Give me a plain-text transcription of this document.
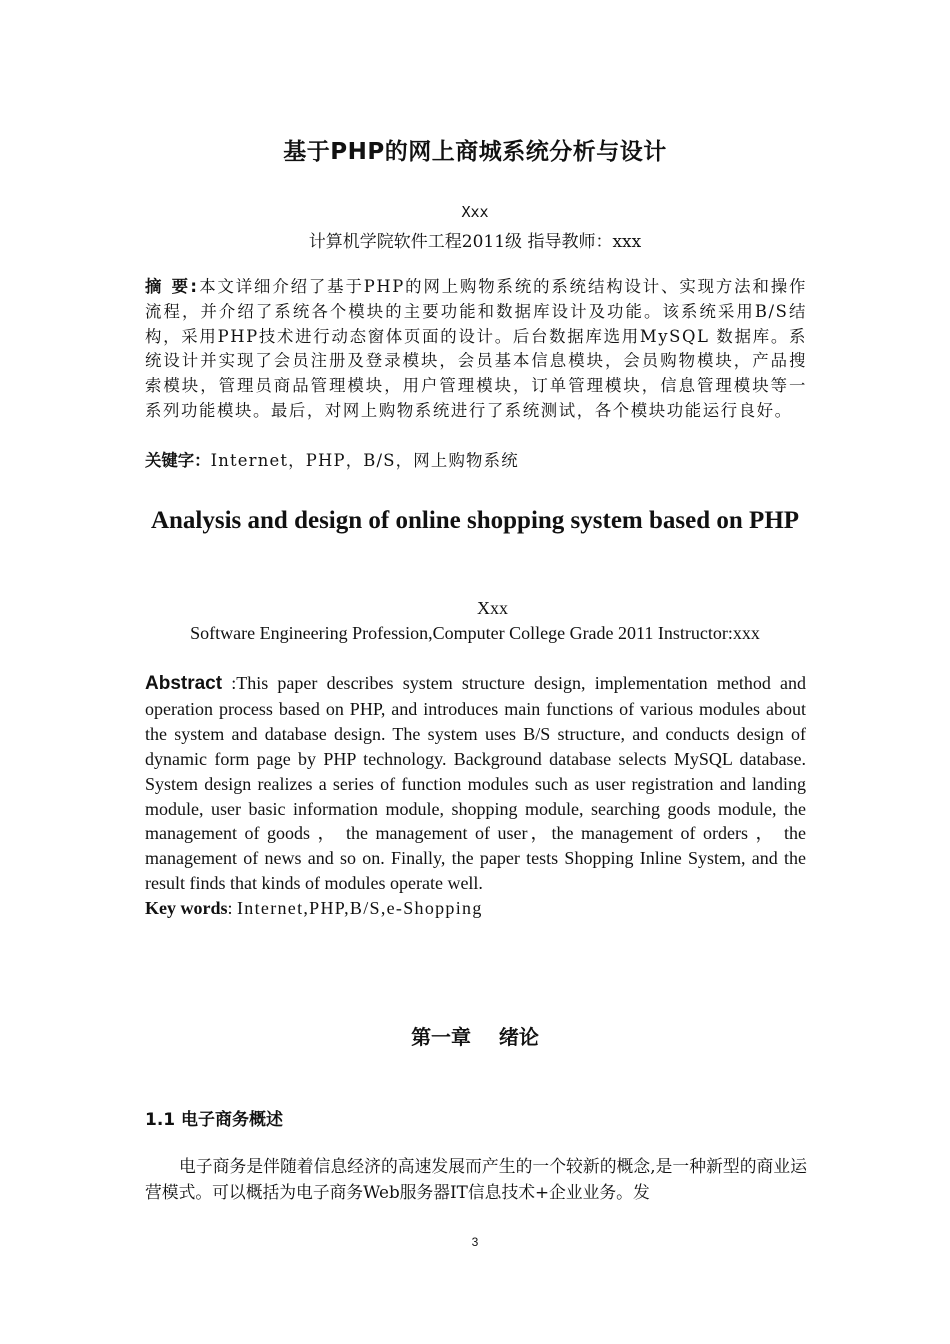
基于PHP的网上商城系统分析与设计
Xxx
计算机学院软件工程2011级 指导教师：xxx

摘 要:本文详细介绍了基于PHP的网上购物系统的系统结构设计、实现方法和操作流程，并介绍了系统各个模块的主要功能和数据库设计及功能。该系统采用B/S结构，采用PHP技术进行动态窗体页面的设计。后台数据库选用MySQL 数据库。系统设计并实现了会员注册及登录模块，会员基本信息模块，会员购物模块，产品搜索模块，管理员商品管理模块，用户管理模块，订单管理模块，信息管理模块等一系列功能模块。最后，对网上购物系统进行了系统测试，各个模块功能运行良好。

关键字：Internet，PHP，B/S，网上购物系统

Analysis and design of online shopping system based on PHP
Xxx
Software Engineering Profession,Computer College Grade 2011 Instructor:xxx

Abstract :This paper describes system structure design, implementation method and operation process based on PHP, and introduces main functions of various modules about the system and database design. The system uses B/S structure, and conducts design of dynamic form page by PHP technology. Background database selects MySQL database. System design realizes a series of function modules such as user registration and landing module, user basic information module, shopping module, searching goods module, the management of goods ， the management of user，the management of orders ， the management of news and so on. Finally, the paper tests Shopping Inline System, and the result finds that kinds of modules operate well.

Key words: Internet,PHP,B/S,e-Shopping

第一章    绪论
1.1 电子商务概述

电子商务是伴随着信息经济的高速发展而产生的一个较新的概念,是一种新型的商业运营模式。可以概括为电子商务Web服务器IT信息技术+企业业务。发

3
